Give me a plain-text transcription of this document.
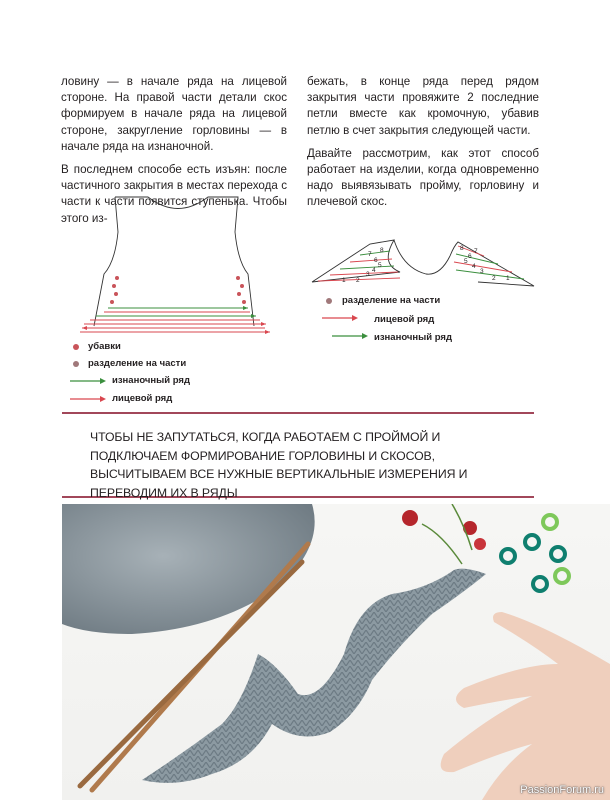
ловину — в начале ряда на лицевой стороне. На правой части детали скос формируем в начале ряда на лицевой стороне, закругление горловины — в начале ряда на изнаночной.

В последнем способе есть изъян: после частичного закрытия в местах перехода с части к части появится ступенька. Чтобы этого из-

бежать, в конце ряда перед рядом закрытия части провяжите 2 последние петли вместе как кромочную, убавив петлю в счет закрытия следующей части.

Давайте рассмотрим, как этот способ работает на изделии, когда одновременно надо выявязывать пройму, горловину и плечевой скос.

1 2
3
4
5
6
7
8
1
2
3
4
5
6
7
8
разделение на части
лицевой ряд
изнаночный ряд
убавки
разделение на части
изнаночный ряд
лицевой ряд
ЧТОБЫ НЕ ЗАПУТАТЬСЯ, КОГДА РАБОТАЕМ С ПРОЙМОЙ И ПОДКЛЮЧАЕМ ФОРМИРОВАНИЕ ГОРЛОВИНЫ И СКОСОВ, ВЫСЧИТЫВАЕМ ВСЕ НУЖНЫЕ ВЕРТИКАЛЬНЫЕ ИЗМЕРЕНИЯ И ПЕРЕВОДИМ ИХ В РЯДЫ
PassionForum.ru
